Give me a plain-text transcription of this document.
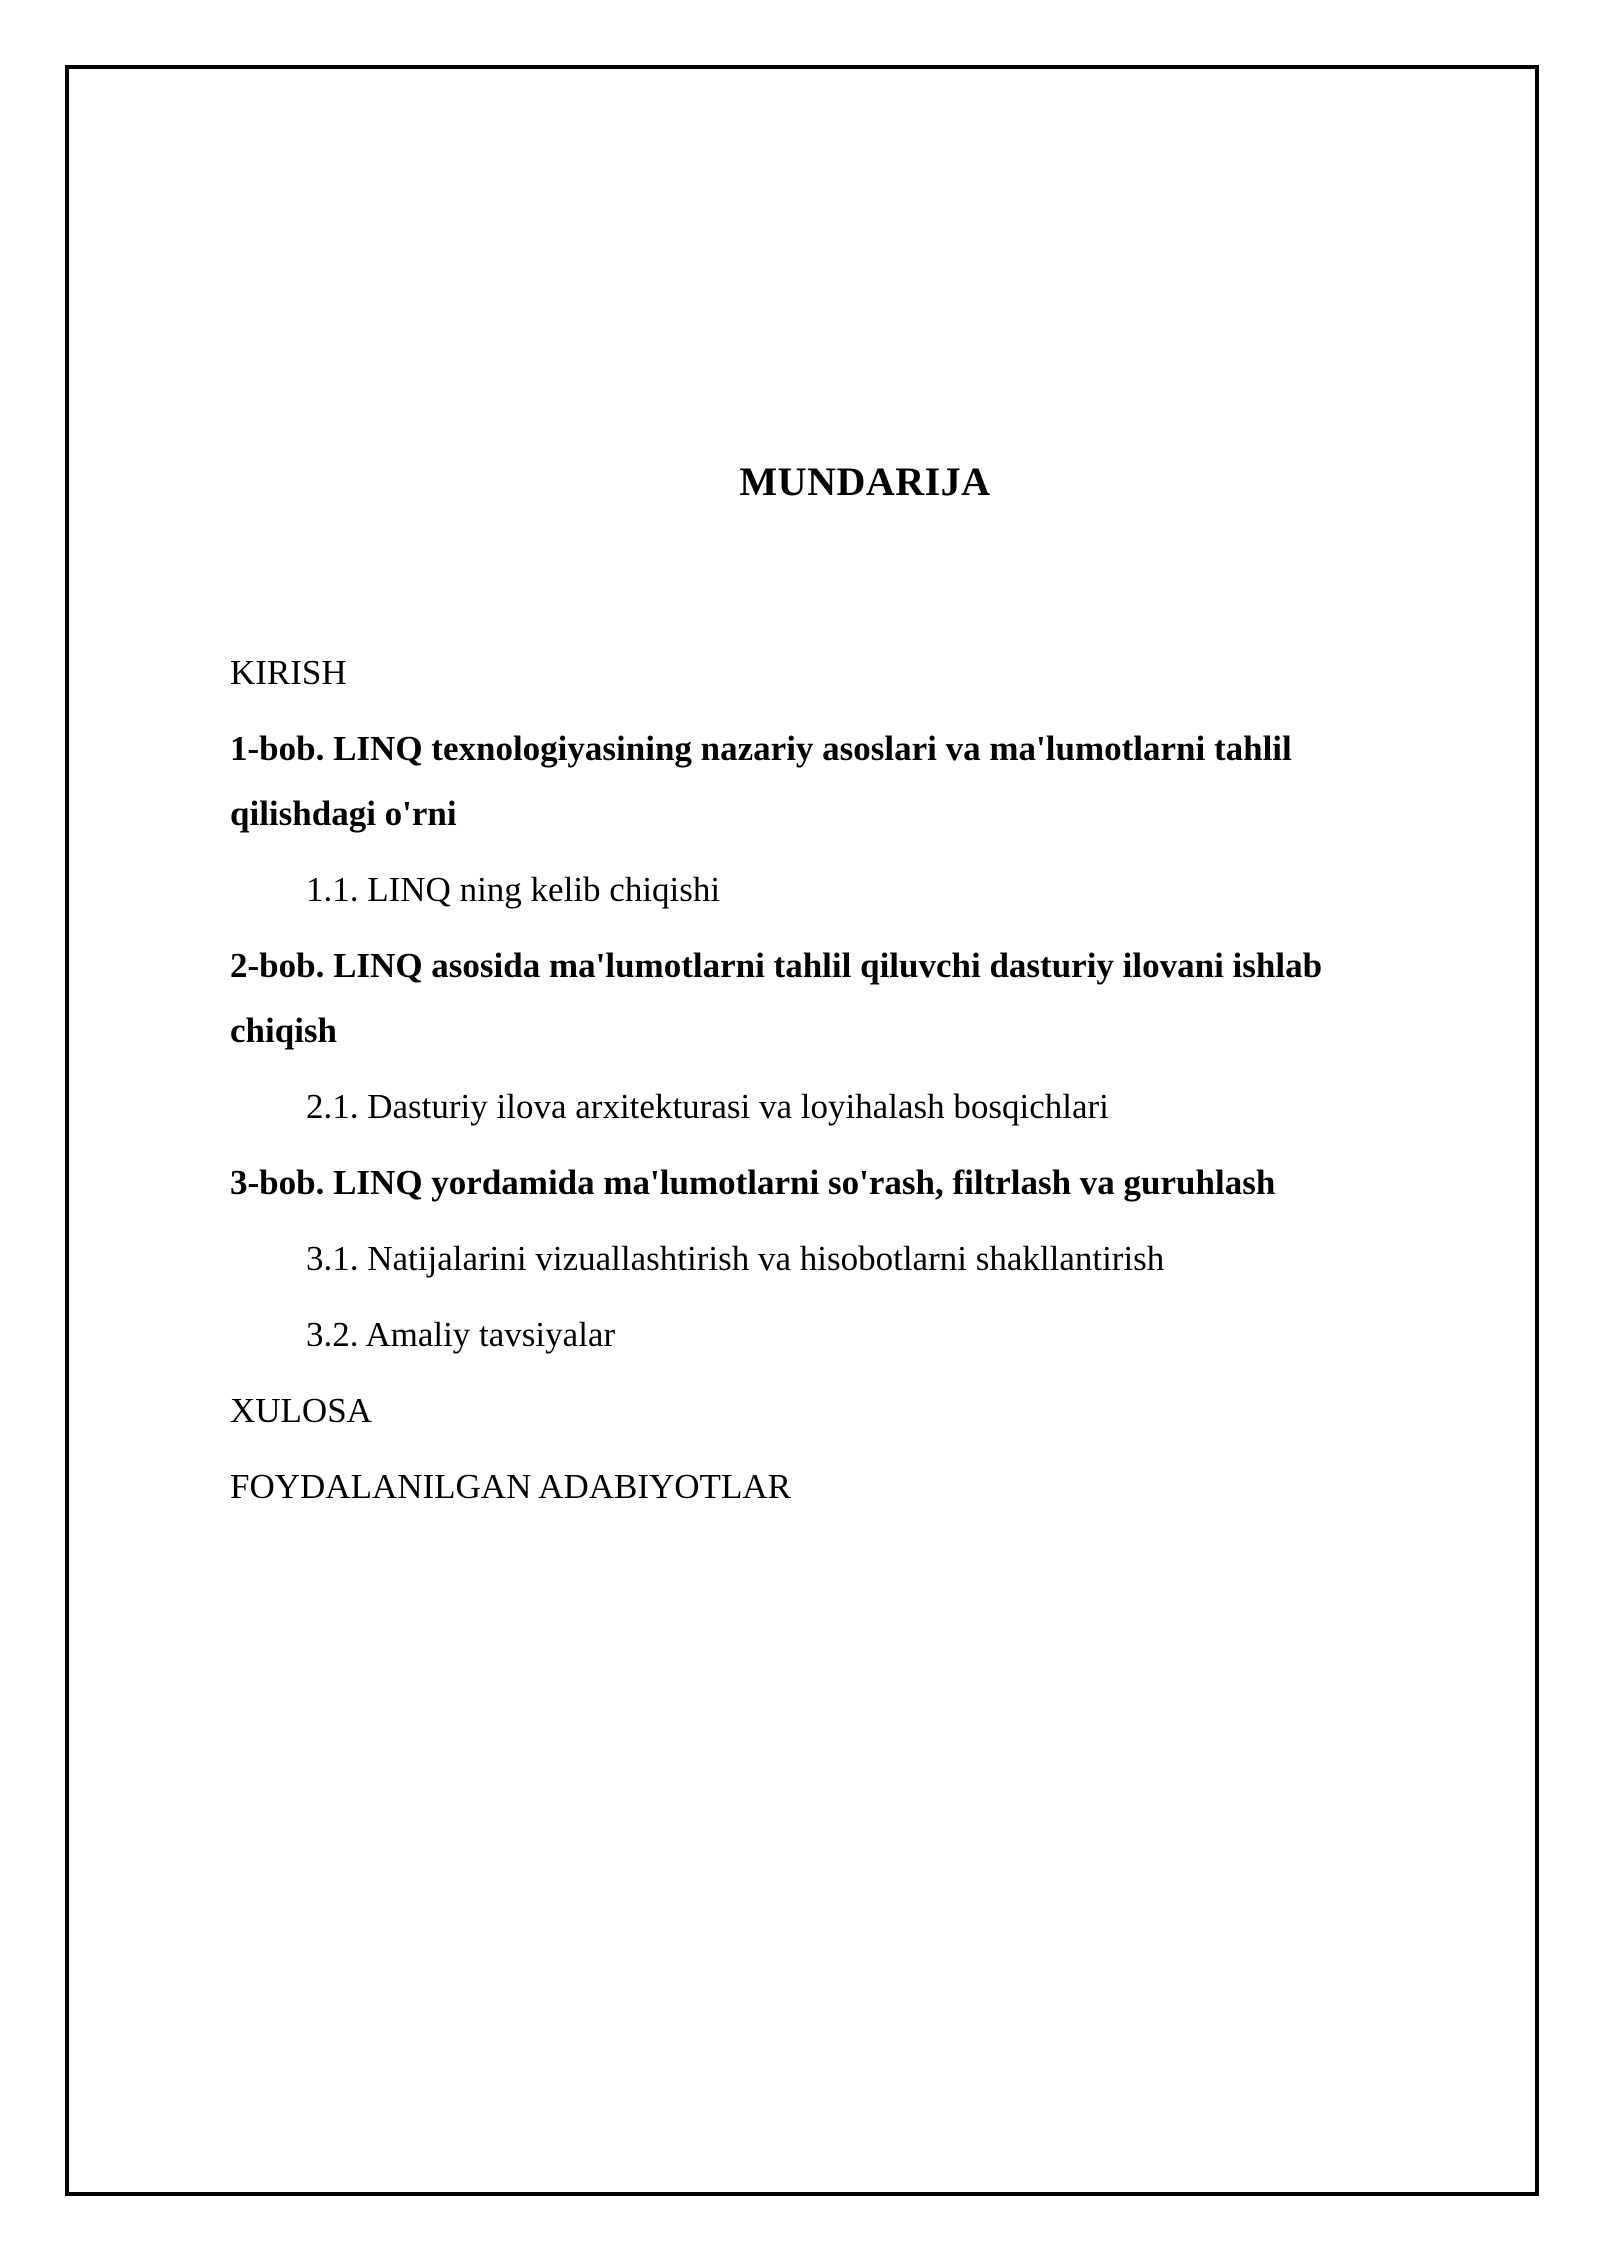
MUNDARIJA
KIRISH
1-bob. LINQ texnologiyasining nazariy asoslari va ma'lumotlarni tahlil qilishdagi o'rni
1.1. LINQ ning kelib chiqishi
2-bob. LINQ asosida ma'lumotlarni tahlil qiluvchi dasturiy ilovani ishlab chiqish
2.1. Dasturiy ilova arxitekturasi va loyihalash bosqichlari
3-bob. LINQ yordamida ma'lumotlarni so'rash, filtrlash va guruhlash
3.1. Natijalarini vizuallashtirish va hisobotlarni shakllantirish
3.2. Amaliy tavsiyalar
XULOSA
FOYDALANILGAN ADABIYOTLAR
